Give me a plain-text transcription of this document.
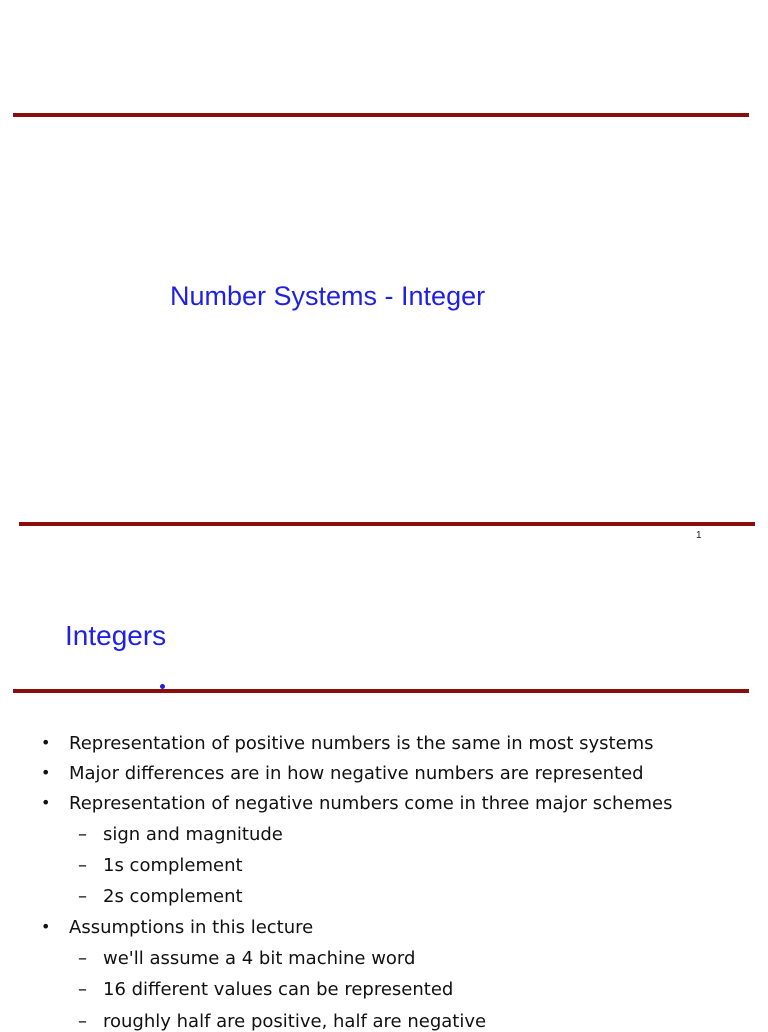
Number Systems - Integer
1
Integers
• Representation of positive numbers is the same in most systems
• Major differences are in how negative numbers are represented
• Representation of negative numbers come in three major schemes
– sign and magnitude
– 1s complement
– 2s complement
• Assumptions in this lecture
– we'll assume a 4 bit machine word
– 16 different values can be represented
– roughly half are positive, half are negative
